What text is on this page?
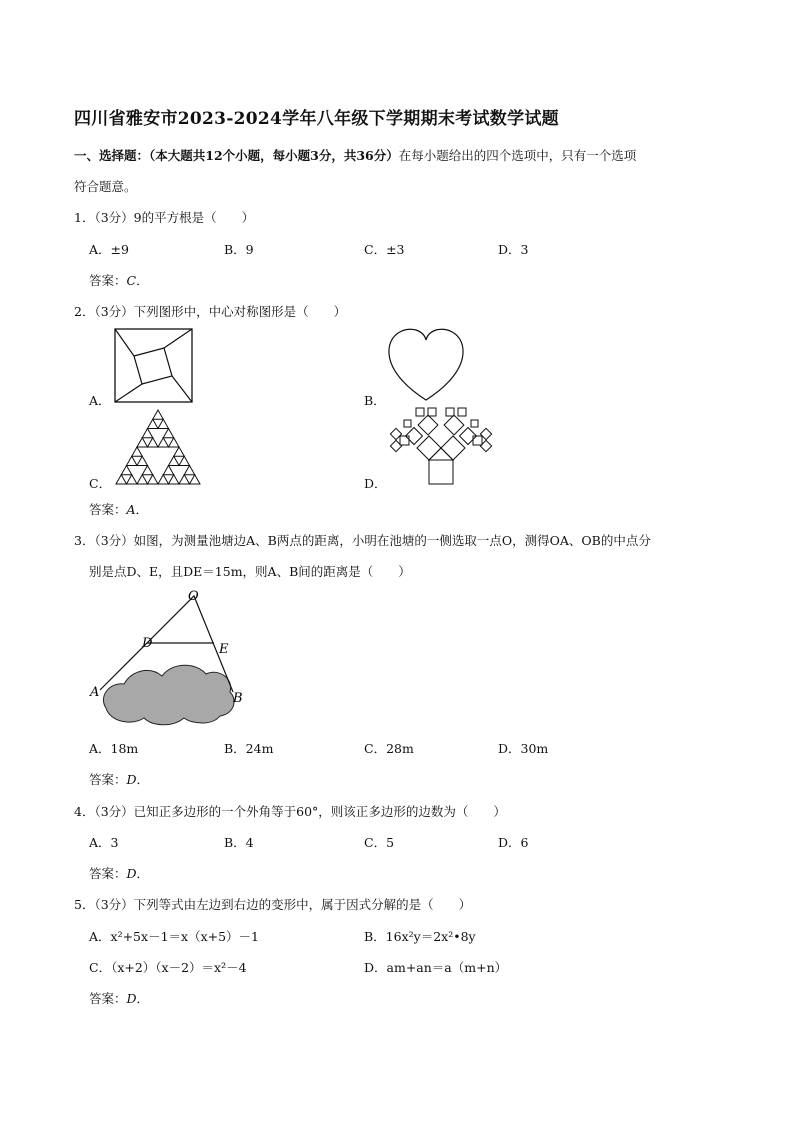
四川省雅安市2023-2024学年八年级下学期期末考试数学试题
一、选择题：（本大题共12个小题，每小题3分，共36分）在每小题给出的四个选项中，只有一个选项
符合题意。
1．（3分）9的平方根是（　　）
A．±9	B．9	C．±3	D．3
答案：C．
2．（3分）下列图形中，中心对称图形是（　　）
A．	B．
C．	D．
答案：A．
3．（3分）如图，为测量池塘边A、B两点的距离，小明在池塘的一侧选取一点O，测得OA、OB的中点分
别是点D、E，且DE＝15m，则A、B间的距离是（　　）
O
D	E
A	B
A．18m	B．24m	C．28m	D．30m
答案：D．
4．（3分）已知正多边形的一个外角等于60°，则该正多边形的边数为（　　）
A．3	B．4	C．5	D．6
答案：D．
5．（3分）下列等式由左边到右边的变形中，属于因式分解的是（　　）
A．x²+5x－1＝x（x+5）－1	B．16x²y＝2x²•8y
C．（x+2）（x－2）＝x²－4	D．am+an＝a（m+n）
答案：D．
